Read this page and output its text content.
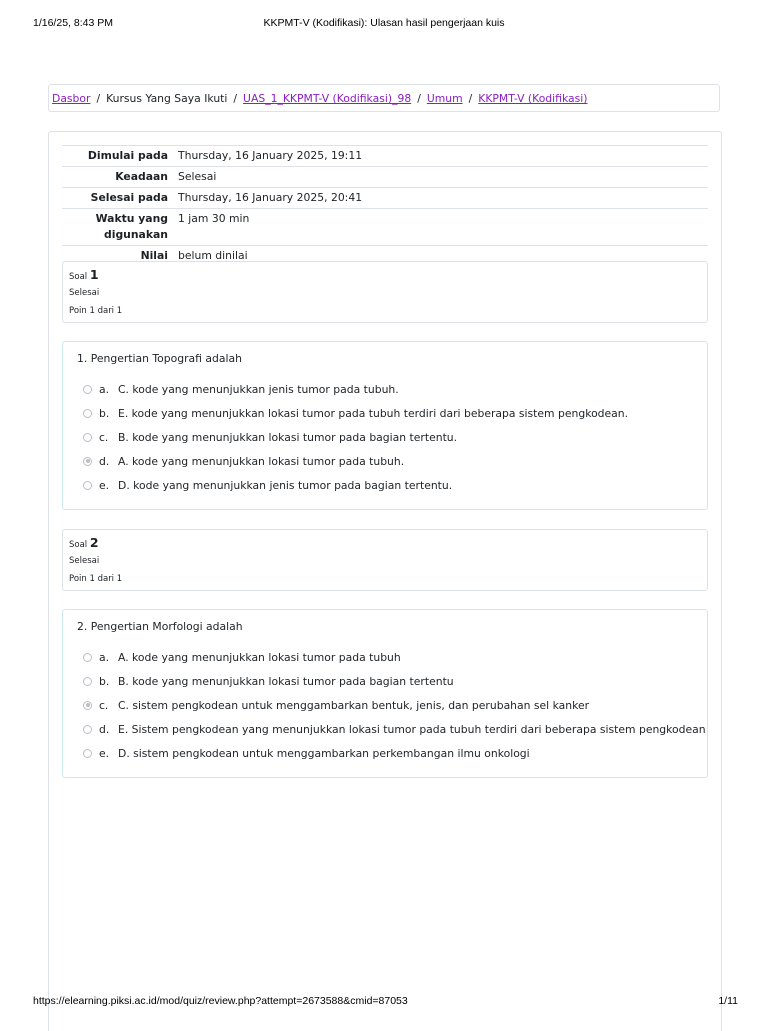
1/16/25, 8:43 PM	KKPMT-V (Kodifikasi): Ulasan hasil pengerjaan kuis
Dasbor / Kursus Yang Saya Ikuti / UAS_1_KKPMT-V (Kodifikasi)_98 / Umum / KKPMT-V (Kodifikasi)
Dimulai pada	Thursday, 16 January 2025, 19:11
Keadaan	Selesai
Selesai pada	Thursday, 16 January 2025, 20:41
Waktu yang digunakan	1 jam 30 min
Nilai	belum dinilai
Soal 1
Selesai
Poin 1 dari 1
1. Pengertian Topografi adalah
a. C. kode yang menunjukkan jenis tumor pada tubuh.
b. E. kode yang menunjukkan lokasi tumor pada tubuh terdiri dari beberapa sistem pengkodean.
c. B. kode yang menunjukkan lokasi tumor pada bagian tertentu.
d. A. kode yang menunjukkan lokasi tumor pada tubuh.
e. D. kode yang menunjukkan jenis tumor pada bagian tertentu.
Soal 2
Selesai
Poin 1 dari 1
2. Pengertian Morfologi adalah
a. A. kode yang menunjukkan lokasi tumor pada tubuh
b. B. kode yang menunjukkan lokasi tumor pada bagian tertentu
c. C. sistem pengkodean untuk menggambarkan bentuk, jenis, dan perubahan sel kanker
d. E. Sistem pengkodean yang menunjukkan lokasi tumor pada tubuh terdiri dari beberapa sistem pengkodean
e. D. sistem pengkodean untuk menggambarkan perkembangan ilmu onkologi
https://elearning.piksi.ac.id/mod/quiz/review.php?attempt=2673588&cmid=87053	1/11
